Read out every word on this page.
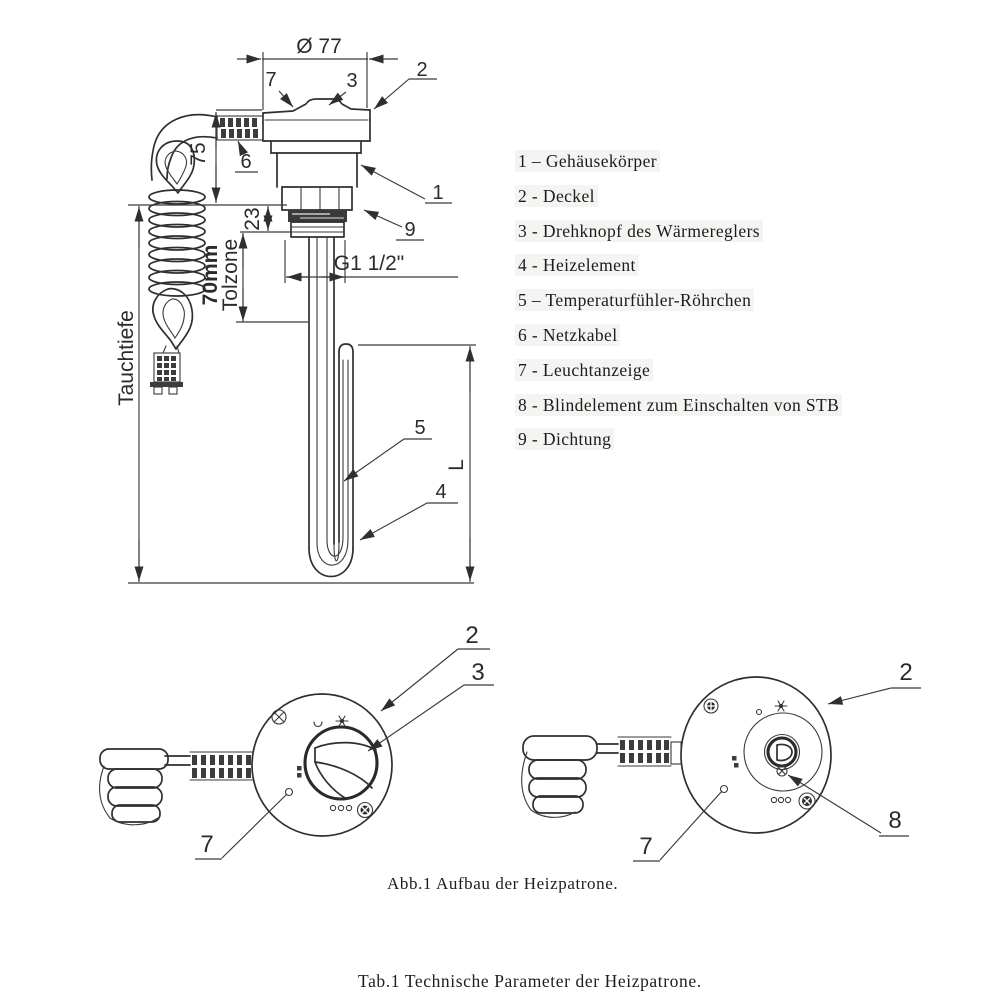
Ø 77
75
Tauchtiefe
23
70mm
Tolzone	G1 1/2"
L
7	3	2
6
1
9
5
4
2
3
7
2
8
7
1 – Gehäusekörper
2 - Deckel
3 - Drehknopf des Wärmereglers
4 - Heizelement
5 – Temperaturfühler-Röhrchen
6 - Netzkabel
7 - Leuchtanzeige
8 - Blindelement zum Einschalten von STB
9 - Dichtung
Abb.1 Aufbau der Heizpatrone.
Tab.1 Technische Parameter der Heizpatrone.
